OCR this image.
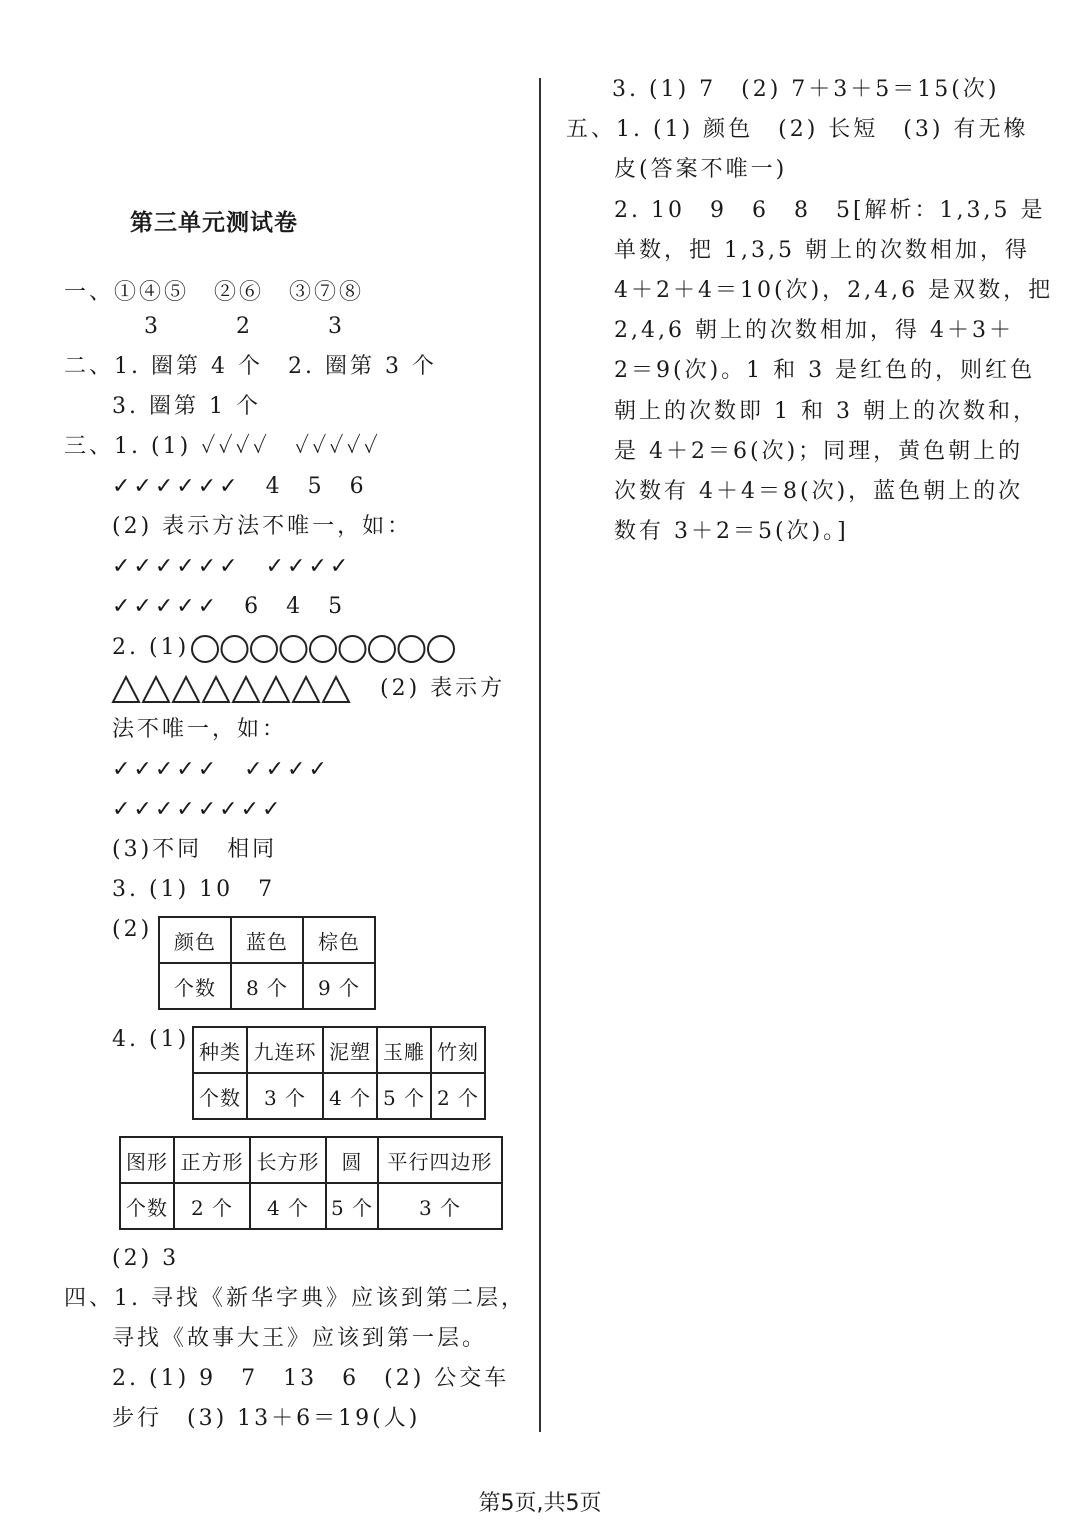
第三单元测试卷
一、①④⑤　②⑥　③⑦⑧
3　　　2　　　3
二、1. 圈第 4 个　2. 圈第 3 个
3. 圈第 1 个
三、1. (1) ✓✓✓✓　✓✓✓✓✓
✓✓✓✓✓✓　4　5　6
(2) 表示方法不唯一，如：
✓✓✓✓✓✓　✓✓✓✓
✓✓✓✓✓　6　4　5
2. (1)
(2) 表示方
法不唯一，如：
✓✓✓✓✓　✓✓✓✓
✓✓✓✓✓✓✓✓
(3)不同　相同
3. (1) 10　7
(2) 颜色	蓝色	棕色
个数	8 个	9 个
4. (1) 种类	九连环	泥塑	玉雕	竹刻
个数	3 个	4 个	5 个	2 个
图形	正方形	长方形	圆	平行四边形
个数	2 个	4 个	5 个	3 个
(2) 3
四、1. 寻找《新华字典》应该到第二层，
寻找《故事大王》应该到第一层。
2. (1) 9　7　13　6　(2) 公交车
步行　(3) 13＋6＝19(人)
3. (1) 7　(2) 7＋3＋5＝15(次)
五、1. (1) 颜色　(2) 长短　(3) 有无橡
皮(答案不唯一)
2. 10　9　6　8　5[解析：1,3,5 是
单数，把 1,3,5 朝上的次数相加，得
4＋2＋4＝10(次)，2,4,6 是双数，把
2,4,6 朝上的次数相加，得 4＋3＋
2＝9(次)。1 和 3 是红色的，则红色
朝上的次数即 1 和 3 朝上的次数和，
是 4＋2＝6(次)；同理，黄色朝上的
次数有 4＋4＝8(次)，蓝色朝上的次
数有 3＋2＝5(次)。]
第5页,共5页
